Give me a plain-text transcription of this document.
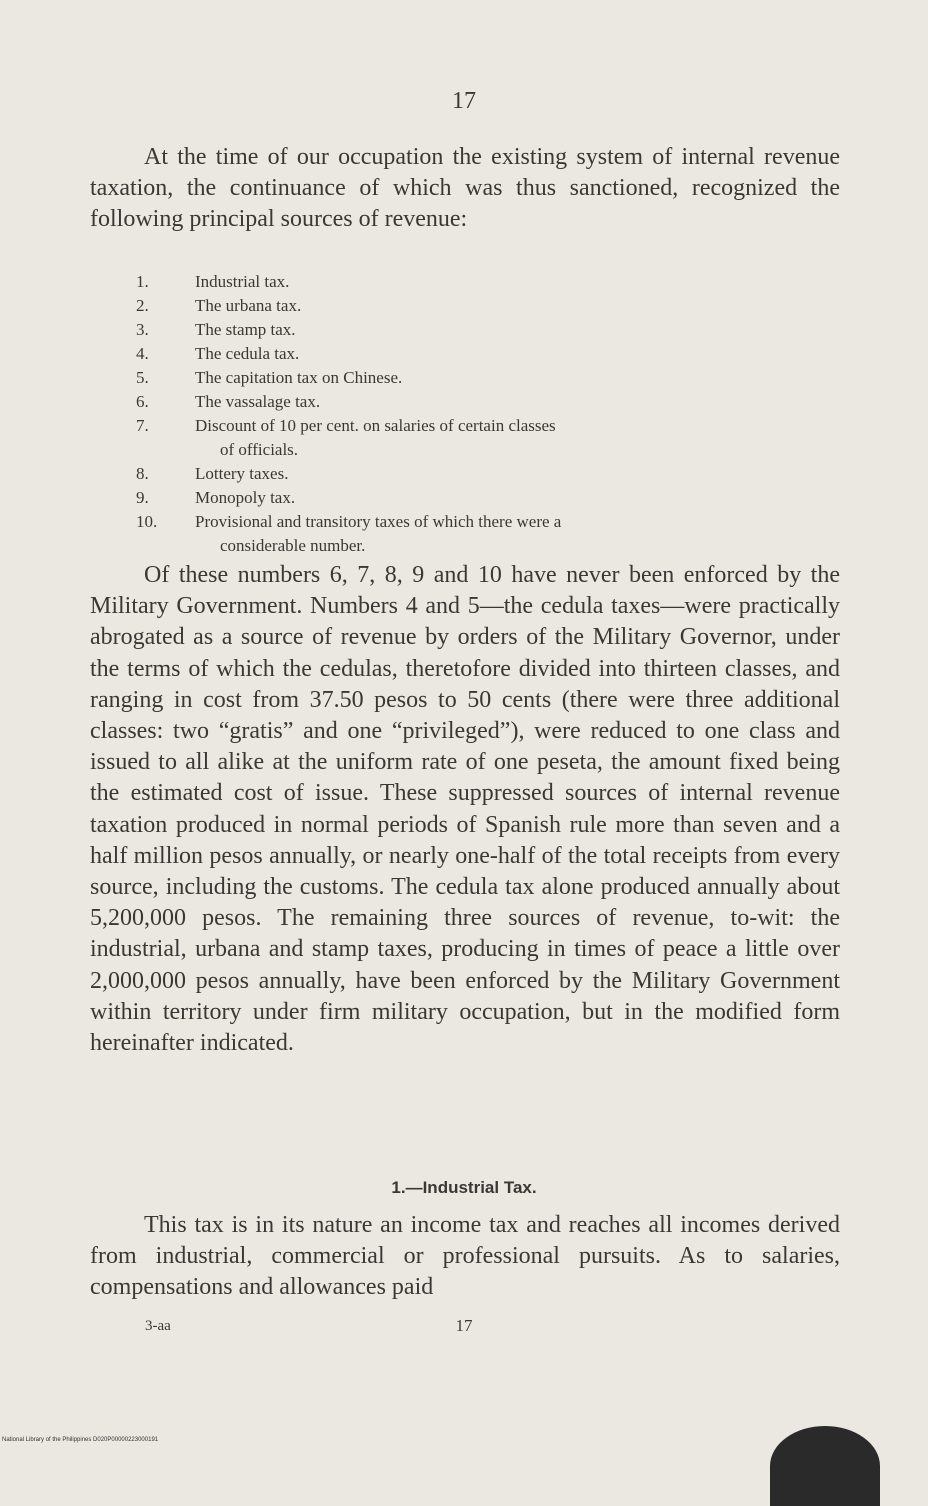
17

At the time of our occupation the existing system of internal revenue taxation, the continuance of which was thus sanctioned, recognized the following principal sources of revenue:

1.	Industrial tax.
2.	The urbana tax.
3.	The stamp tax.
4.	The cedula tax.
5.	The capitation tax on Chinese.
6.	The vassalage tax.
7.	Discount of 10 per cent. on salaries of certain classes
of officials.
8.	Lottery taxes.
9.	Monopoly tax.
10.	Provisional and transitory taxes of which there were a
considerable number.

Of these numbers 6, 7, 8, 9 and 10 have never been enforced by the Military Government. Numbers 4 and 5—the cedula taxes—were practically abrogated as a source of revenue by orders of the Military Governor, under the terms of which the cedulas, theretofore divided into thirteen classes, and ranging in cost from 37.50 pesos to 50 cents (there were three additional classes: two “gratis” and one “privileged”), were reduced to one class and issued to all alike at the uniform rate of one peseta, the amount fixed being the estimated cost of issue. These suppressed sources of internal revenue taxation produced in normal periods of Spanish rule more than seven and a half million pesos annually, or nearly one-half of the total receipts from every source, including the customs. The cedula tax alone produced annually about 5,200,000 pesos. The remaining three sources of revenue, to-wit: the industrial, urbana and stamp taxes, producing in times of peace a little over 2,000,000 pesos annually, have been enforced by the Military Government within territory under firm military occupation, but in the modified form hereinafter indicated.

1.—Industrial Tax.

This tax is in its nature an income tax and reaches all incomes derived from industrial, commercial or professional pursuits. As to salaries, compensations and allowances paid

3-aa	17
National Library of the Philippines D020P00000223000191
